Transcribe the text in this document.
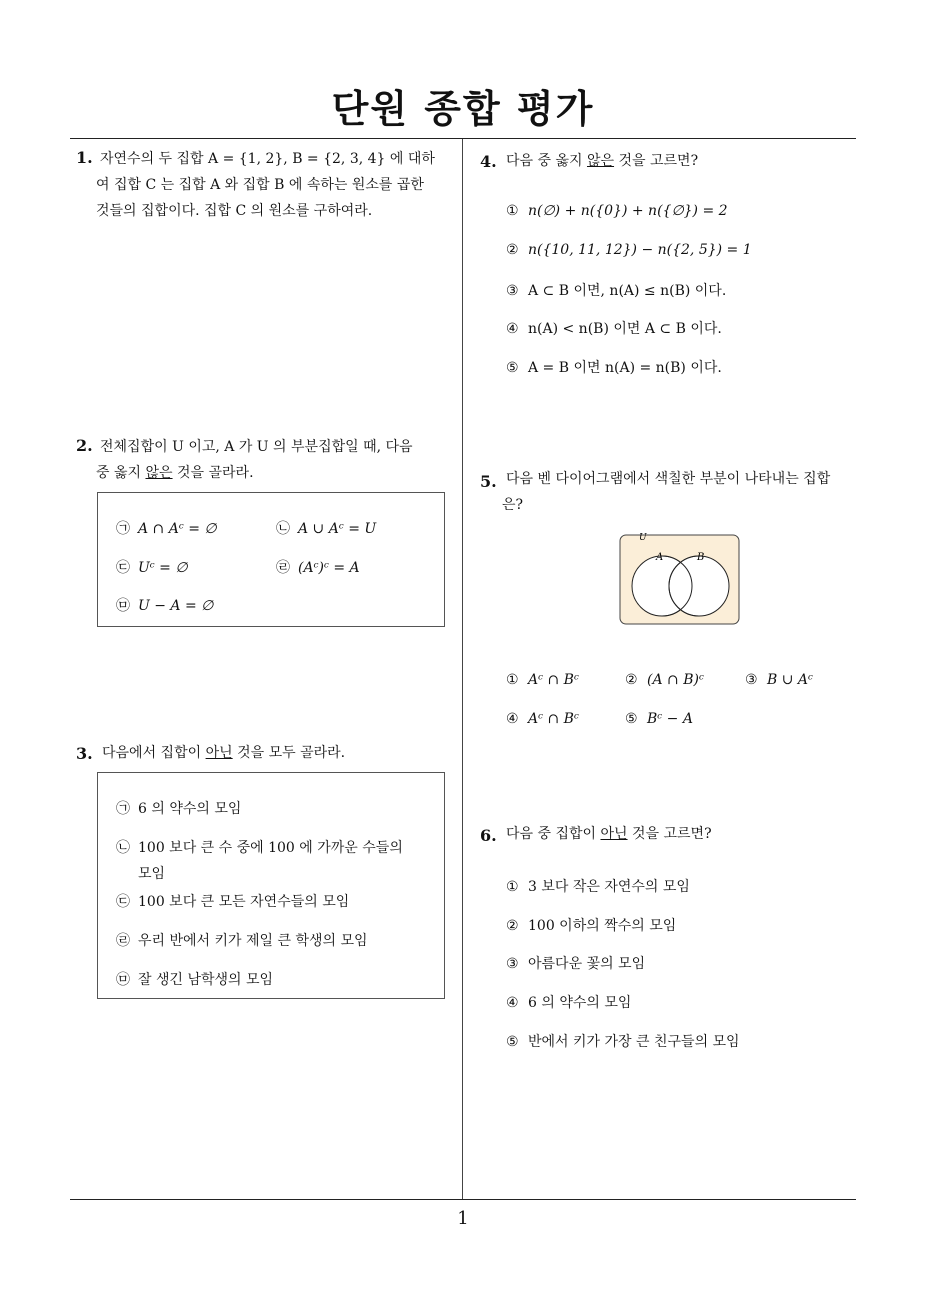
단원 종합 평가
1. 자연수의 두 집합 A = {1, 2}, B = {2, 3, 4} 에 대하
여 집합 C 는 집합 A 와 집합 B 에 속하는 원소를 곱한
것들의 집합이다. 집합 C 의 원소를 구하여라.
2. 전체집합이 U 이고, A 가 U 의 부분집합일 때, 다음
중 옳지 않은 것을 골라라.
㉠ A ∩ Aᶜ = ∅	㉡ A ∪ Aᶜ = U
㉢ Uᶜ = ∅	㉣ (Aᶜ)ᶜ = A
㉤ U − A = ∅
3. 다음에서 집합이 아닌 것을 모두 골라라.
㉠ 6 의 약수의 모임
㉡ 100 보다 큰 수 중에 100 에 가까운 수들의
모임
㉢ 100 보다 큰 모든 자연수들의 모임
㉣ 우리 반에서 키가 제일 큰 학생의 모임
㉤ 잘 생긴 남학생의 모임
4. 다음 중 옳지 않은 것을 고르면?
① n(∅) + n({0}) + n({∅}) = 2
② n({10, 11, 12}) − n({2, 5}) = 1
③ A ⊂ B 이면, n(A) ≤ n(B) 이다.
④ n(A) < n(B) 이면 A ⊂ B 이다.
⑤ A = B 이면 n(A) = n(B) 이다.
5. 다음 벤 다이어그램에서 색칠한 부분이 나타내는 집합
은?
U
A	B
① Aᶜ ∩ Bᶜ	② (A ∩ B)ᶜ	③ B ∪ Aᶜ
④ Aᶜ ∩ Bᶜ	⑤ Bᶜ − A
6. 다음 중 집합이 아닌 것을 고르면?
① 3 보다 작은 자연수의 모임
② 100 이하의 짝수의 모임
③ 아름다운 꽃의 모임
④ 6 의 약수의 모임
⑤ 반에서 키가 가장 큰 친구들의 모임
1
